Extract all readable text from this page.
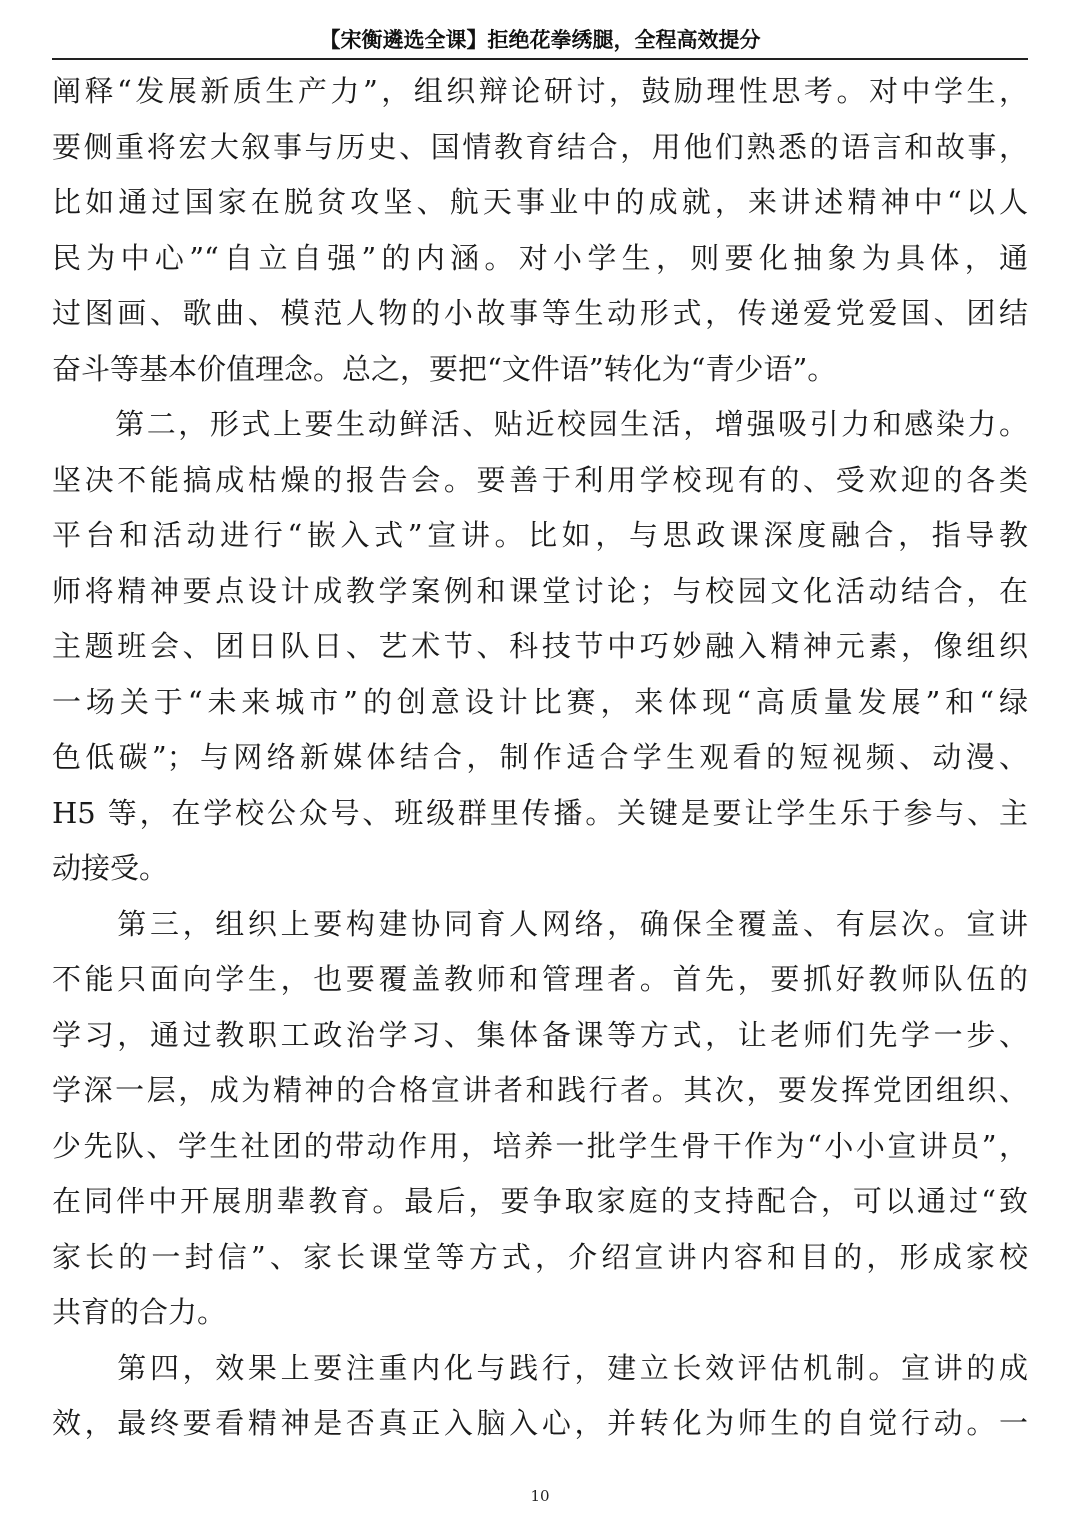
【宋衡遴选全课】拒绝花拳绣腿，全程高效提分
阐释“发展新质生产力”，组织辩论研讨，鼓励理性思考。对中学生，
要侧重将宏大叙事与历史、国情教育结合，用他们熟悉的语言和故事，
比如通过国家在脱贫攻坚、航天事业中的成就，来讲述精神中“以人
民为中心”“自立自强”的内涵。对小学生，则要化抽象为具体，通
过图画、歌曲、模范人物的小故事等生动形式，传递爱党爱国、团结
奋斗等基本价值理念。总之，要把“文件语”转化为“青少语”。
　　第二，形式上要生动鲜活、贴近校园生活，增强吸引力和感染力。
坚决不能搞成枯燥的报告会。要善于利用学校现有的、受欢迎的各类
平台和活动进行“嵌入式”宣讲。比如，与思政课深度融合，指导教
师将精神要点设计成教学案例和课堂讨论；与校园文化活动结合，在
主题班会、团日队日、艺术节、科技节中巧妙融入精神元素，像组织
一场关于“未来城市”的创意设计比赛，来体现“高质量发展”和“绿
色低碳”；与网络新媒体结合，制作适合学生观看的短视频、动漫、
H5 等，在学校公众号、班级群里传播。关键是要让学生乐于参与、主
动接受。
　　第三，组织上要构建协同育人网络，确保全覆盖、有层次。宣讲
不能只面向学生，也要覆盖教师和管理者。首先，要抓好教师队伍的
学习，通过教职工政治学习、集体备课等方式，让老师们先学一步、
学深一层，成为精神的合格宣讲者和践行者。其次，要发挥党团组织、
少先队、学生社团的带动作用，培养一批学生骨干作为“小小宣讲员”，
在同伴中开展朋辈教育。最后，要争取家庭的支持配合，可以通过“致
家长的一封信”、家长课堂等方式，介绍宣讲内容和目的，形成家校
共育的合力。
　　第四，效果上要注重内化与践行，建立长效评估机制。宣讲的成
效，最终要看精神是否真正入脑入心，并转化为师生的自觉行动。一
10
